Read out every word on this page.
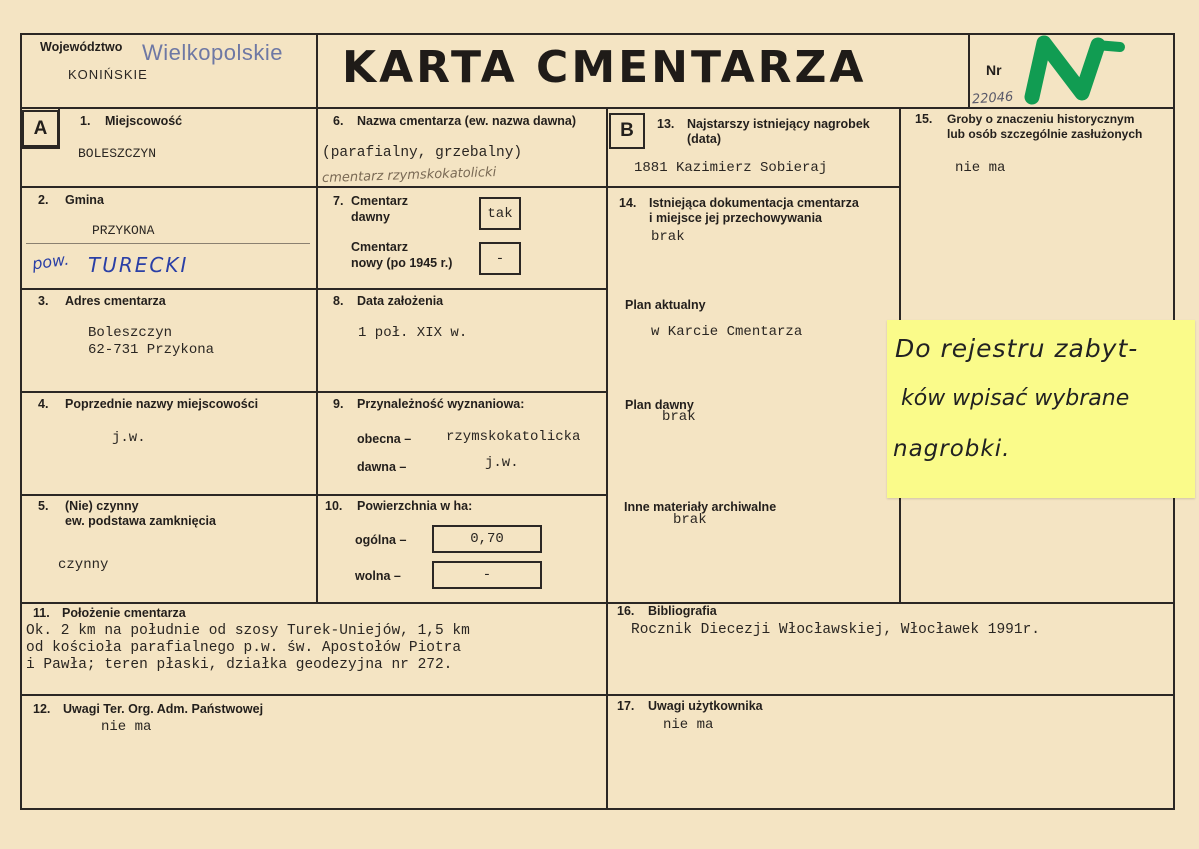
Województwo Wielkopolskie
KONIŃSKIE	KARTA CMENTARZA	Nr
22046
N
A	1. Miejscowość
BOLESZCZYN
2. Gmina
PRZYKONA
pow. TURECKI
3. Adres cmentarza
Boleszczyn
62-731 Przykona
4. Poprzednie nazwy miejscowości
j.w.
5. (Nie) czynny
ew. podstawa zamknięcia
czynny
6. Nazwa cmentarza (ew. nazwa dawna)
(parafialny, grzebalny)
cmentarz rzymskokatolicki
7. Cmentarz
dawny	tak
Cmentarz
nowy (po 1945 r.)	-
8. Data założenia
1 poł. XIX w.
9. Przynależność wyznaniowa:
obecna – rzymskokatolicka
dawna –	j.w.
10. Powierzchnia w ha:
ogólna –	0,70
wolna –	-
B	13. Najstarszy istniejący nagrobek
(data)
1881 Kazimierz Sobieraj
14. Istniejąca dokumentacja cmentarza
i miejsce jej przechowywania
brak
Plan aktualny
w Karcie Cmentarza
Plan dawny
brak
Inne materiały archiwalne
brak
15. Groby o znaczeniu historycznym
lub osób szczególnie zasłużonych
nie ma
Do rejestru zabyt-
ków wpisać wybrane
nagrobki.
11. Położenie cmentarza
Ok. 2 km na południe od szosy Turek-Uniejów, 1,5 km
od kościoła parafialnego p.w. św. Apostołów Piotra
i Pawła; teren płaski, działka geodezyjna nr 272.
16. Bibliografia
Rocznik Diecezji Włocławskiej, Włocławek 1991r.
12. Uwagi Ter. Org. Adm. Państwowej
nie ma
17. Uwagi użytkownika
nie ma
